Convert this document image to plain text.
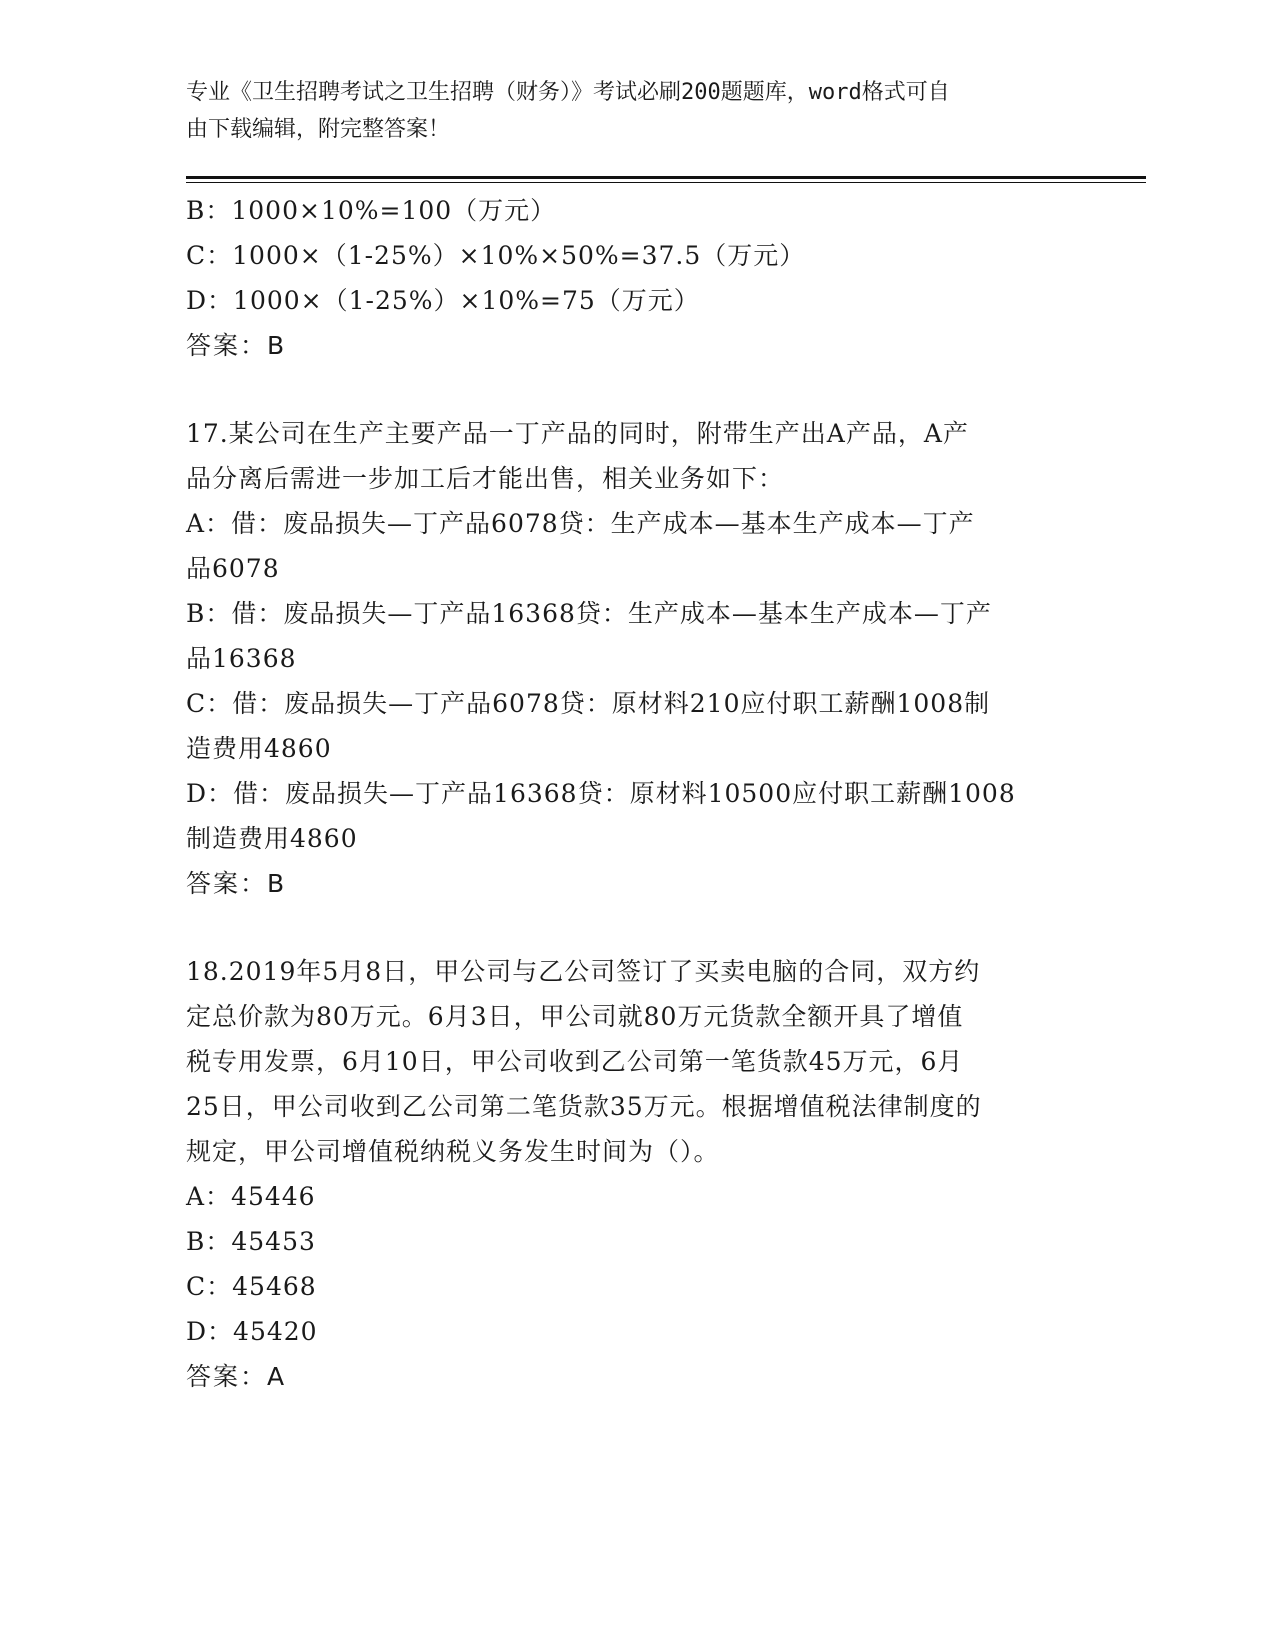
专业《卫生招聘考试之卫生招聘（财务）》考试必刷200题题库，word格式可自
由下载编辑，附完整答案！
B：1000×10%=100（万元）
C：1000×（1-25%）×10%×50%=37.5（万元）
D：1000×（1-25%）×10%=75（万元）
答案：B
17.某公司在生产主要产品一丁产品的同时，附带生产出A产品，A产
品分离后需进一步加工后才能出售，相关业务如下：
A：借：废品损失—丁产品6078贷：生产成本—基本生产成本—丁产
品6078
B：借：废品损失—丁产品16368贷：生产成本—基本生产成本—丁产
品16368
C：借：废品损失—丁产品6078贷：原材料210应付职工薪酬1008制
造费用4860
D：借：废品损失—丁产品16368贷：原材料10500应付职工薪酬1008
制造费用4860
答案：B
18.2019年5月8日，甲公司与乙公司签订了买卖电脑的合同，双方约
定总价款为80万元。6月3日，甲公司就80万元货款全额开具了增值
税专用发票，6月10日，甲公司收到乙公司第一笔货款45万元，6月
25日，甲公司收到乙公司第二笔货款35万元。根据增值税法律制度的
规定，甲公司增值税纳税义务发生时间为（）。
A：45446
B：45453
C：45468
D：45420
答案：A
